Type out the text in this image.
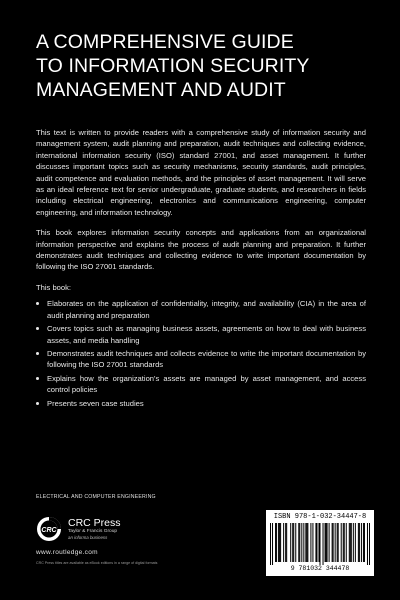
A COMPREHENSIVE GUIDE
TO INFORMATION SECURITY
MANAGEMENT AND AUDIT

This text is written to provide readers with a comprehensive study of information security and management system, audit planning and preparation, audit techniques and collecting evidence, international information security (ISO) standard 27001, and asset management. It further discusses important topics such as security mechanisms, security standards, audit principles, audit competence and evaluation methods, and the principles of asset management. It will serve as an ideal reference text for senior undergraduate, graduate students, and researchers in fields including electrical engineering, electronics and communications engineering, computer engineering, and information technology.

This book explores information security concepts and applications from an organizational information perspective and explains the process of audit planning and preparation. It further demonstrates audit techniques and collecting evidence to write important documentation by following the ISO 27001 standards.

This book:

Elaborates on the application of confidentiality, integrity, and availability (CIA) in the area of audit planning and preparation
Covers topics such as managing business assets, agreements on how to deal with business assets, and media handling
Demonstrates audit techniques and collects evidence to write the important documentation by following the ISO 27001 standards
Explains how the organization's assets are managed by asset management, and access control policies
Presents seven case studies
ELECTRICAL AND COMPUTER ENGINEERING
CRC
CRC Press
Taylor & Francis Group
an informa business
www.routledge.com
CRC Press titles are available as eBook editions in a range of digital formats
ISBN 978-1-032-34447-8
9 781032 344478
